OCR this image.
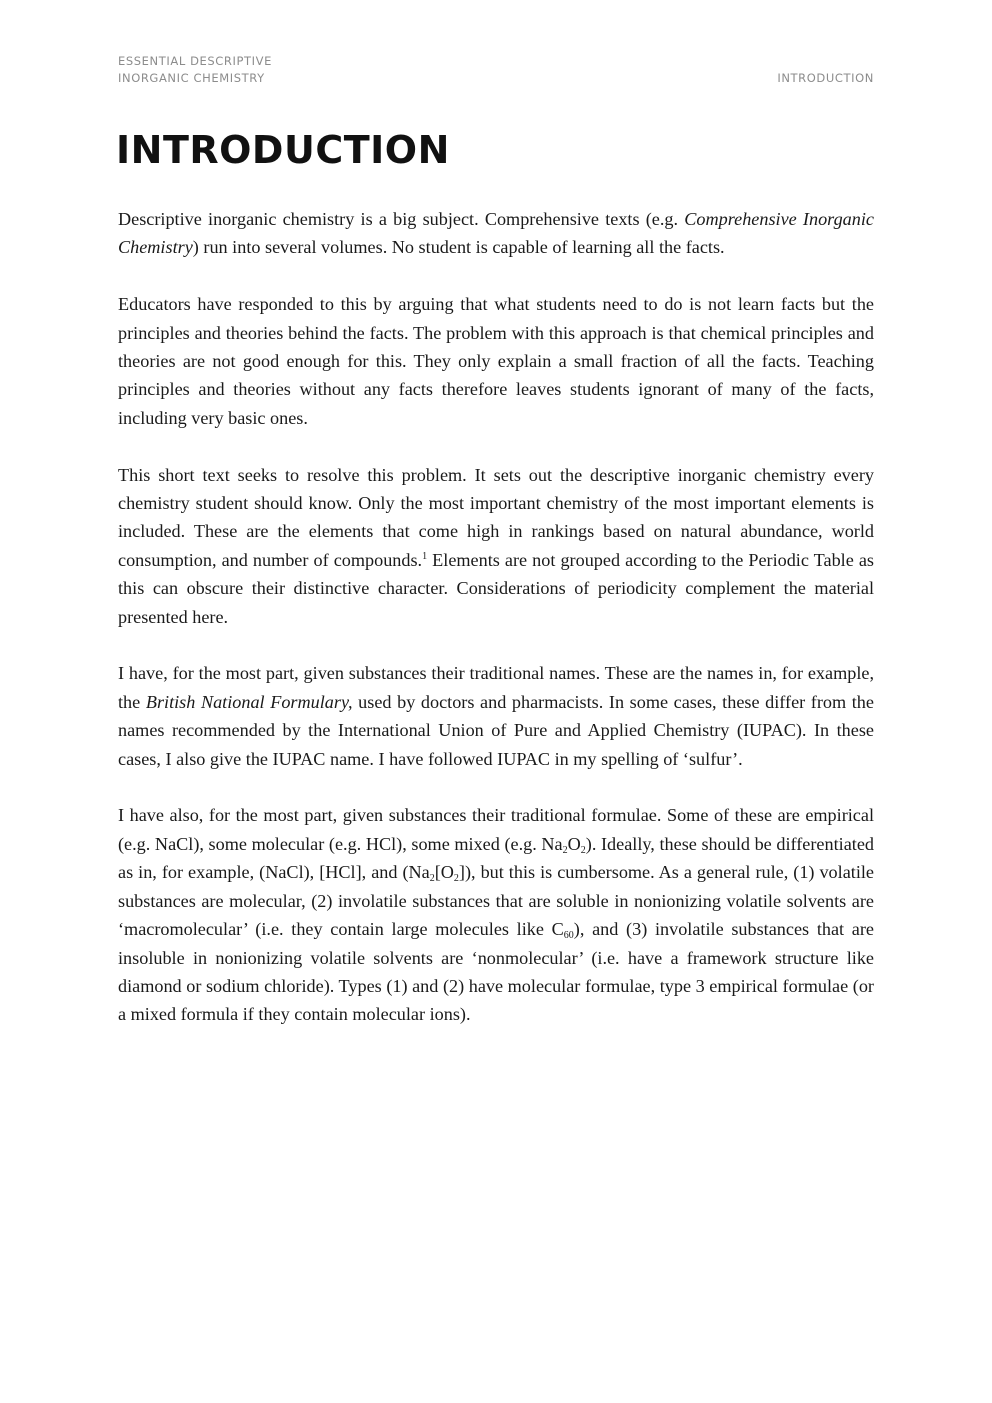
ESSENTIAL DESCRIPTIVE
INORGANIC CHEMISTRY	INTRODUCTION
INTRODUCTION

Descriptive inorganic chemistry is a big subject. Comprehensive texts (e.g. Comprehensive Inorganic Chemistry) run into several volumes. No student is capable of learning all the facts.

Educators have responded to this by arguing that what students need to do is not learn facts but the principles and theories behind the facts. The problem with this approach is that chemical principles and theories are not good enough for this. They only explain a small fraction of all the facts. Teaching principles and theories without any facts therefore leaves students ignorant of many of the facts, including very basic ones.

This short text seeks to resolve this problem. It sets out the descriptive inorganic chemistry every chemistry student should know. Only the most important chemistry of the most important elements is included. These are the elements that come high in rankings based on natural abundance, world consumption, and number of compounds.$^1$ Elements are not grouped according to the Periodic Table as this can obscure their distinctive character. Considerations of periodicity complement the material presented here.

I have, for the most part, given substances their traditional names. These are the names in, for example, the British National Formulary, used by doctors and pharmacists. In some cases, these differ from the names recommended by the International Union of Pure and Applied Chemistry (IUPAC). In these cases, I also give the IUPAC name. I have followed IUPAC in my spelling of ‘sulfur’.

I have also, for the most part, given substances their traditional formulae. Some of these are empirical (e.g. NaCl), some molecular (e.g. HCl), some mixed (e.g. $Na_2O_2$). Ideally, these should be differentiated as in, for example, (NaCl), [HCl], and $(Na_2[O_2])$, but this is cumbersome. As a general rule, (1) volatile substances are molecular, (2) involatile substances that are soluble in nonionizing volatile solvents are ‘macromolecular’ (i.e. they contain large molecules like $C_{60}$), and (3) involatile substances that are insoluble in nonionizing volatile solvents are ‘nonmolecular’ (i.e. have a framework structure like diamond or sodium chloride). Types (1) and (2) have molecular formulae, type 3 empirical formulae (or a mixed formula if they contain molecular ions).
